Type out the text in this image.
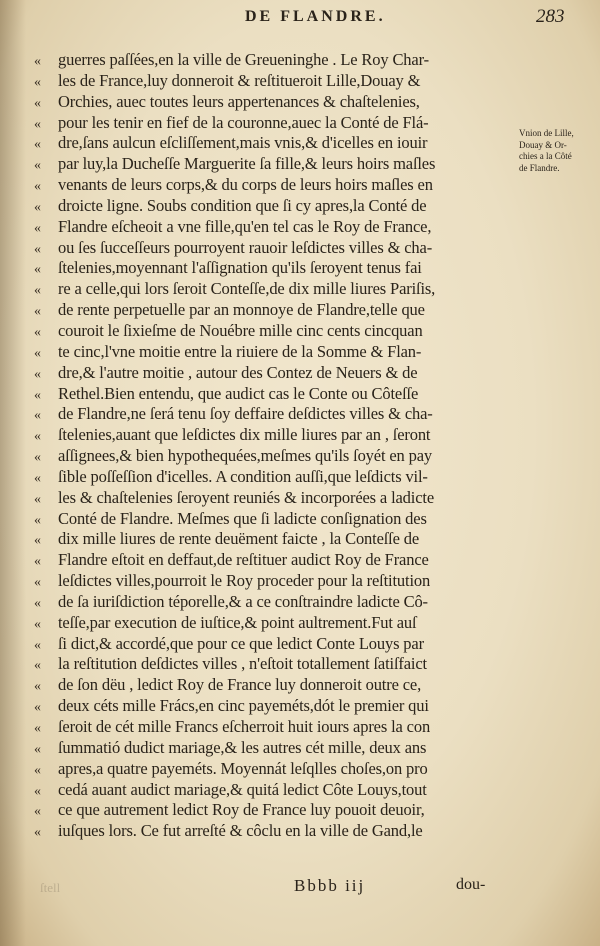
DE FLANDRE.	283
«	guerres paſſées,en la ville de Greueninghe . Le Roy Char-
«	les de France,luy donneroit & reſtitueroit Lille,Douay &
«	Orchies, auec toutes leurs appertenances & chaſtelenies,
«	pour les tenir en fief de la couronne,auec la Conté de Flá-
«	dre,ſans aulcun eſcliſſement,mais vnis,& d'icelles en iouir
«	par luy,la Ducheſſe Marguerite ſa fille,& leurs hoirs maſles
«	venants de leurs corps,& du corps de leurs hoirs maſles en
«	droicte ligne. Soubs condition que ſi cy apres,la Conté de
«	Flandre eſcheoit a vne fille,qu'en tel cas le Roy de France,
«	ou ſes ſucceſſeurs pourroyent rauoir leſdictes villes & cha-
«	ſtelenies,moyennant l'aſſignation qu'ils ſeroyent tenus fai
«	re a celle,qui lors ſeroit Conteſſe,de dix mille liures Pariſis,
«	de rente perpetuelle par an monnoye de Flandre,telle que
«	couroit le ſixieſme de Nouébre mille cinc cents cincquan
«	te cinc,l'vne moitie entre la riuiere de la Somme & Flan-
«	dre,& l'autre moitie , autour des Contez de Neuers & de
«	Rethel.Bien entendu, que audict cas le Conte ou Côteſſe
«	de Flandre,ne ſerá tenu ſoy deffaire deſdictes villes & cha-
«	ſtelenies,auant que leſdictes dix mille liures par an , ſeront
«	aſſignees,& bien hypothequées,meſmes qu'ils ſoyét en pay
«	ſible poſſeſſion d'icelles. A condition auſſi,que leſdicts vil-
«	les & chaſtelenies ſeroyent reuniés & incorporées a ladicte
«	Conté de Flandre. Meſmes que ſi ladicte conſignation des
«	dix mille liures de rente deuëment faicte , la Conteſſe de
«	Flandre eſtoit en deffaut,de reſtituer audict Roy de France
«	leſdictes villes,pourroit le Roy proceder pour la reſtitution
«	de ſa iuriſdiction téporelle,& a ce conſtraindre ladicte Cô-
«	teſſe,par execution de iuſtice,& point aultrement.Fut auſ
«	ſi dict,& accordé,que pour ce que ledict Conte Louys par
«	la reſtitution deſdictes villes , n'eſtoit totallement ſatiſfaict
«	de ſon dëu , ledict Roy de France luy donneroit outre ce,
«	deux céts mille Frács,en cinc payeméts,dót le premier qui
«	ſeroit de cét mille Francs eſcherroit huit iours apres la con
«	ſummatió dudict mariage,& les autres cét mille, deux ans
«	apres,a quatre payeméts. Moyennát leſqlles choſes,on pro
«	cedá auant audict mariage,& quitá ledict Côte Louys,tout
«	ce que autrement ledict Roy de France luy pouoit deuoir,
«	iuſques lors. Ce fut arreſté & côclu en la ville de Gand,le
Vnion de Lille,
Douay & Or-
chies a la Côté
de Flandre.
ſtell	Bbbb iij	dou-
